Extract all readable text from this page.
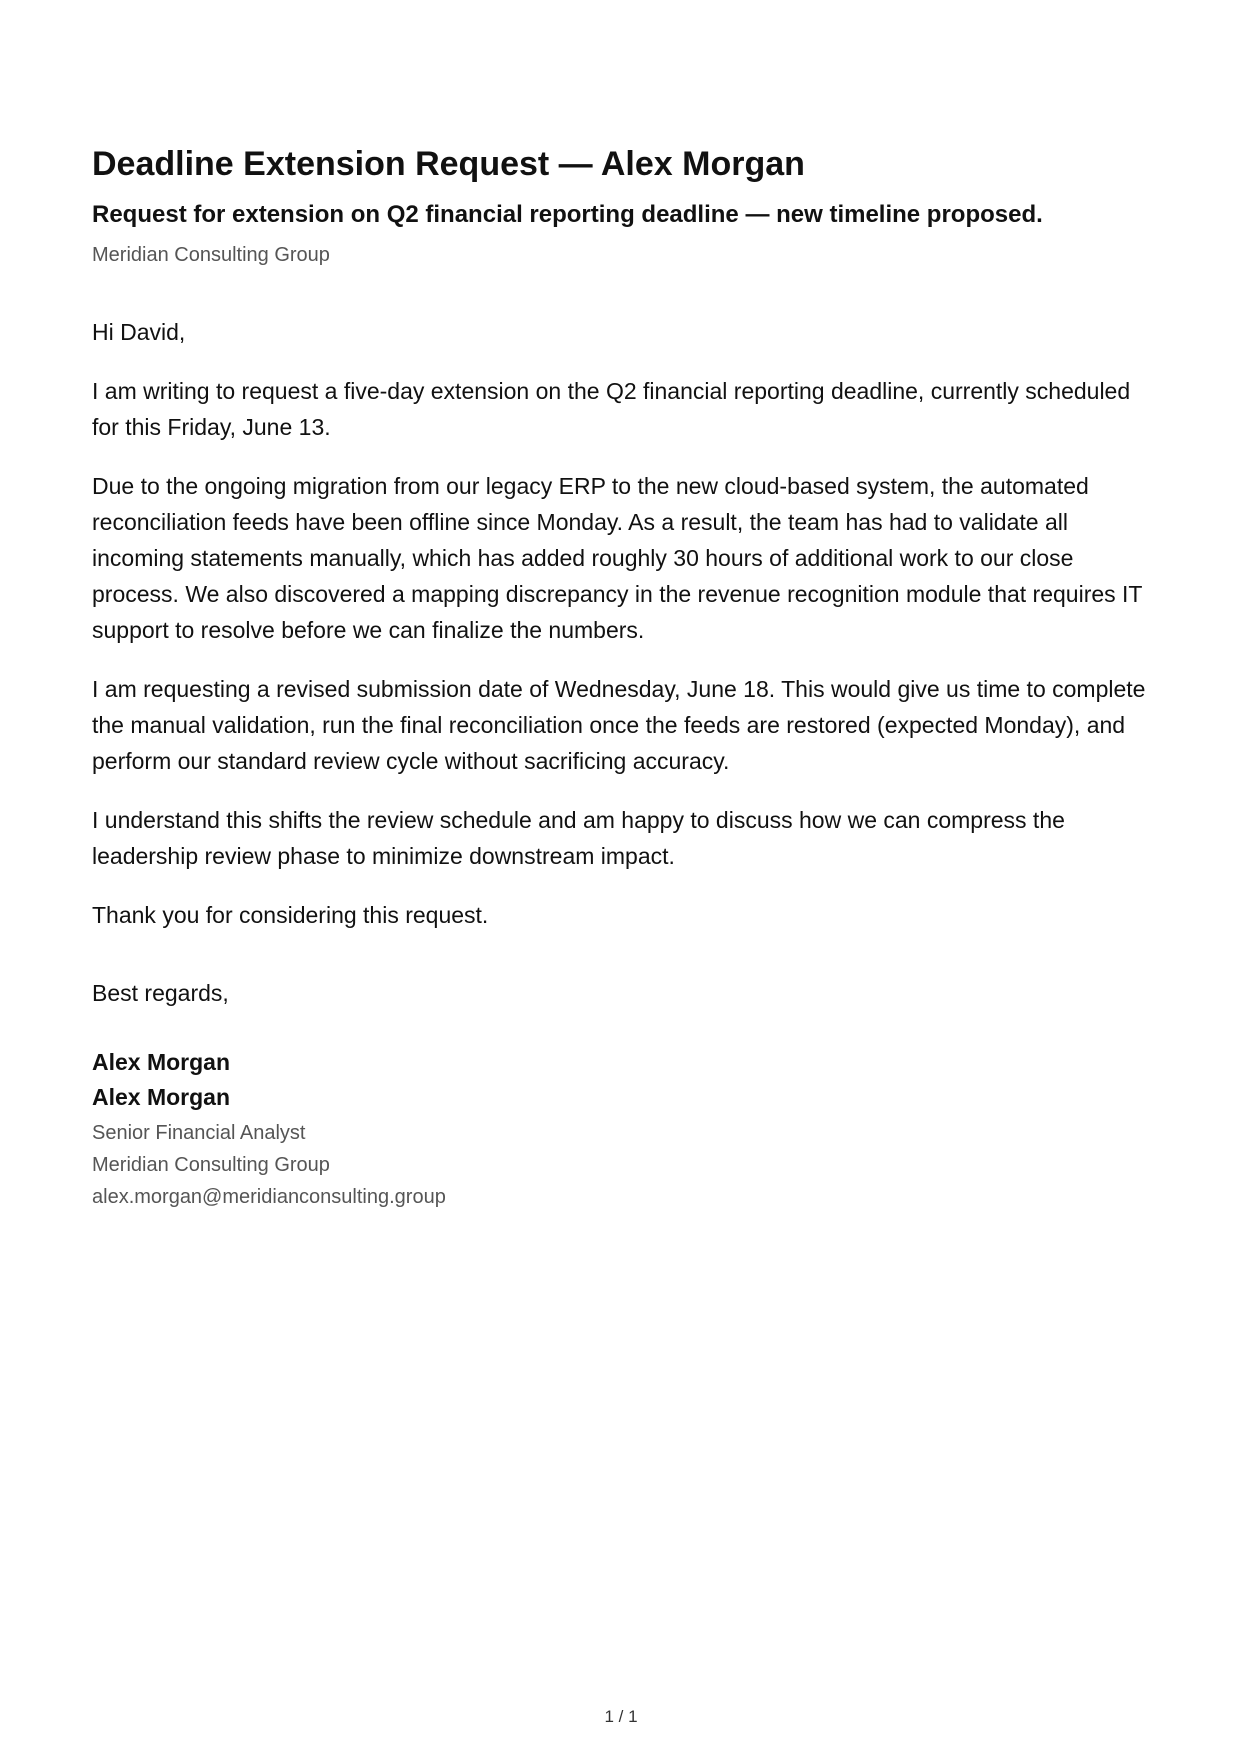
Deadline Extension Request — Alex Morgan
Request for extension on Q2 financial reporting deadline — new timeline proposed.
Meridian Consulting Group

Hi David,

I am writing to request a five-day extension on the Q2 financial reporting deadline, currently scheduled for this Friday, June 13.

Due to the ongoing migration from our legacy ERP to the new cloud-based system, the automated reconciliation feeds have been offline since Monday. As a result, the team has had to validate all incoming statements manually, which has added roughly 30 hours of additional work to our close process. We also discovered a mapping discrepancy in the revenue recognition module that requires IT support to resolve before we can finalize the numbers.

I am requesting a revised submission date of Wednesday, June 18. This would give us time to complete the manual validation, run the final reconciliation once the feeds are restored (expected Monday), and perform our standard review cycle without sacrificing accuracy.

I understand this shifts the review schedule and am happy to discuss how we can compress the leadership review phase to minimize downstream impact.

Thank you for considering this request.

Best regards,

Alex Morgan

Alex Morgan

Senior Financial Analyst

Meridian Consulting Group

alex.morgan@meridianconsulting.group

1 / 1
